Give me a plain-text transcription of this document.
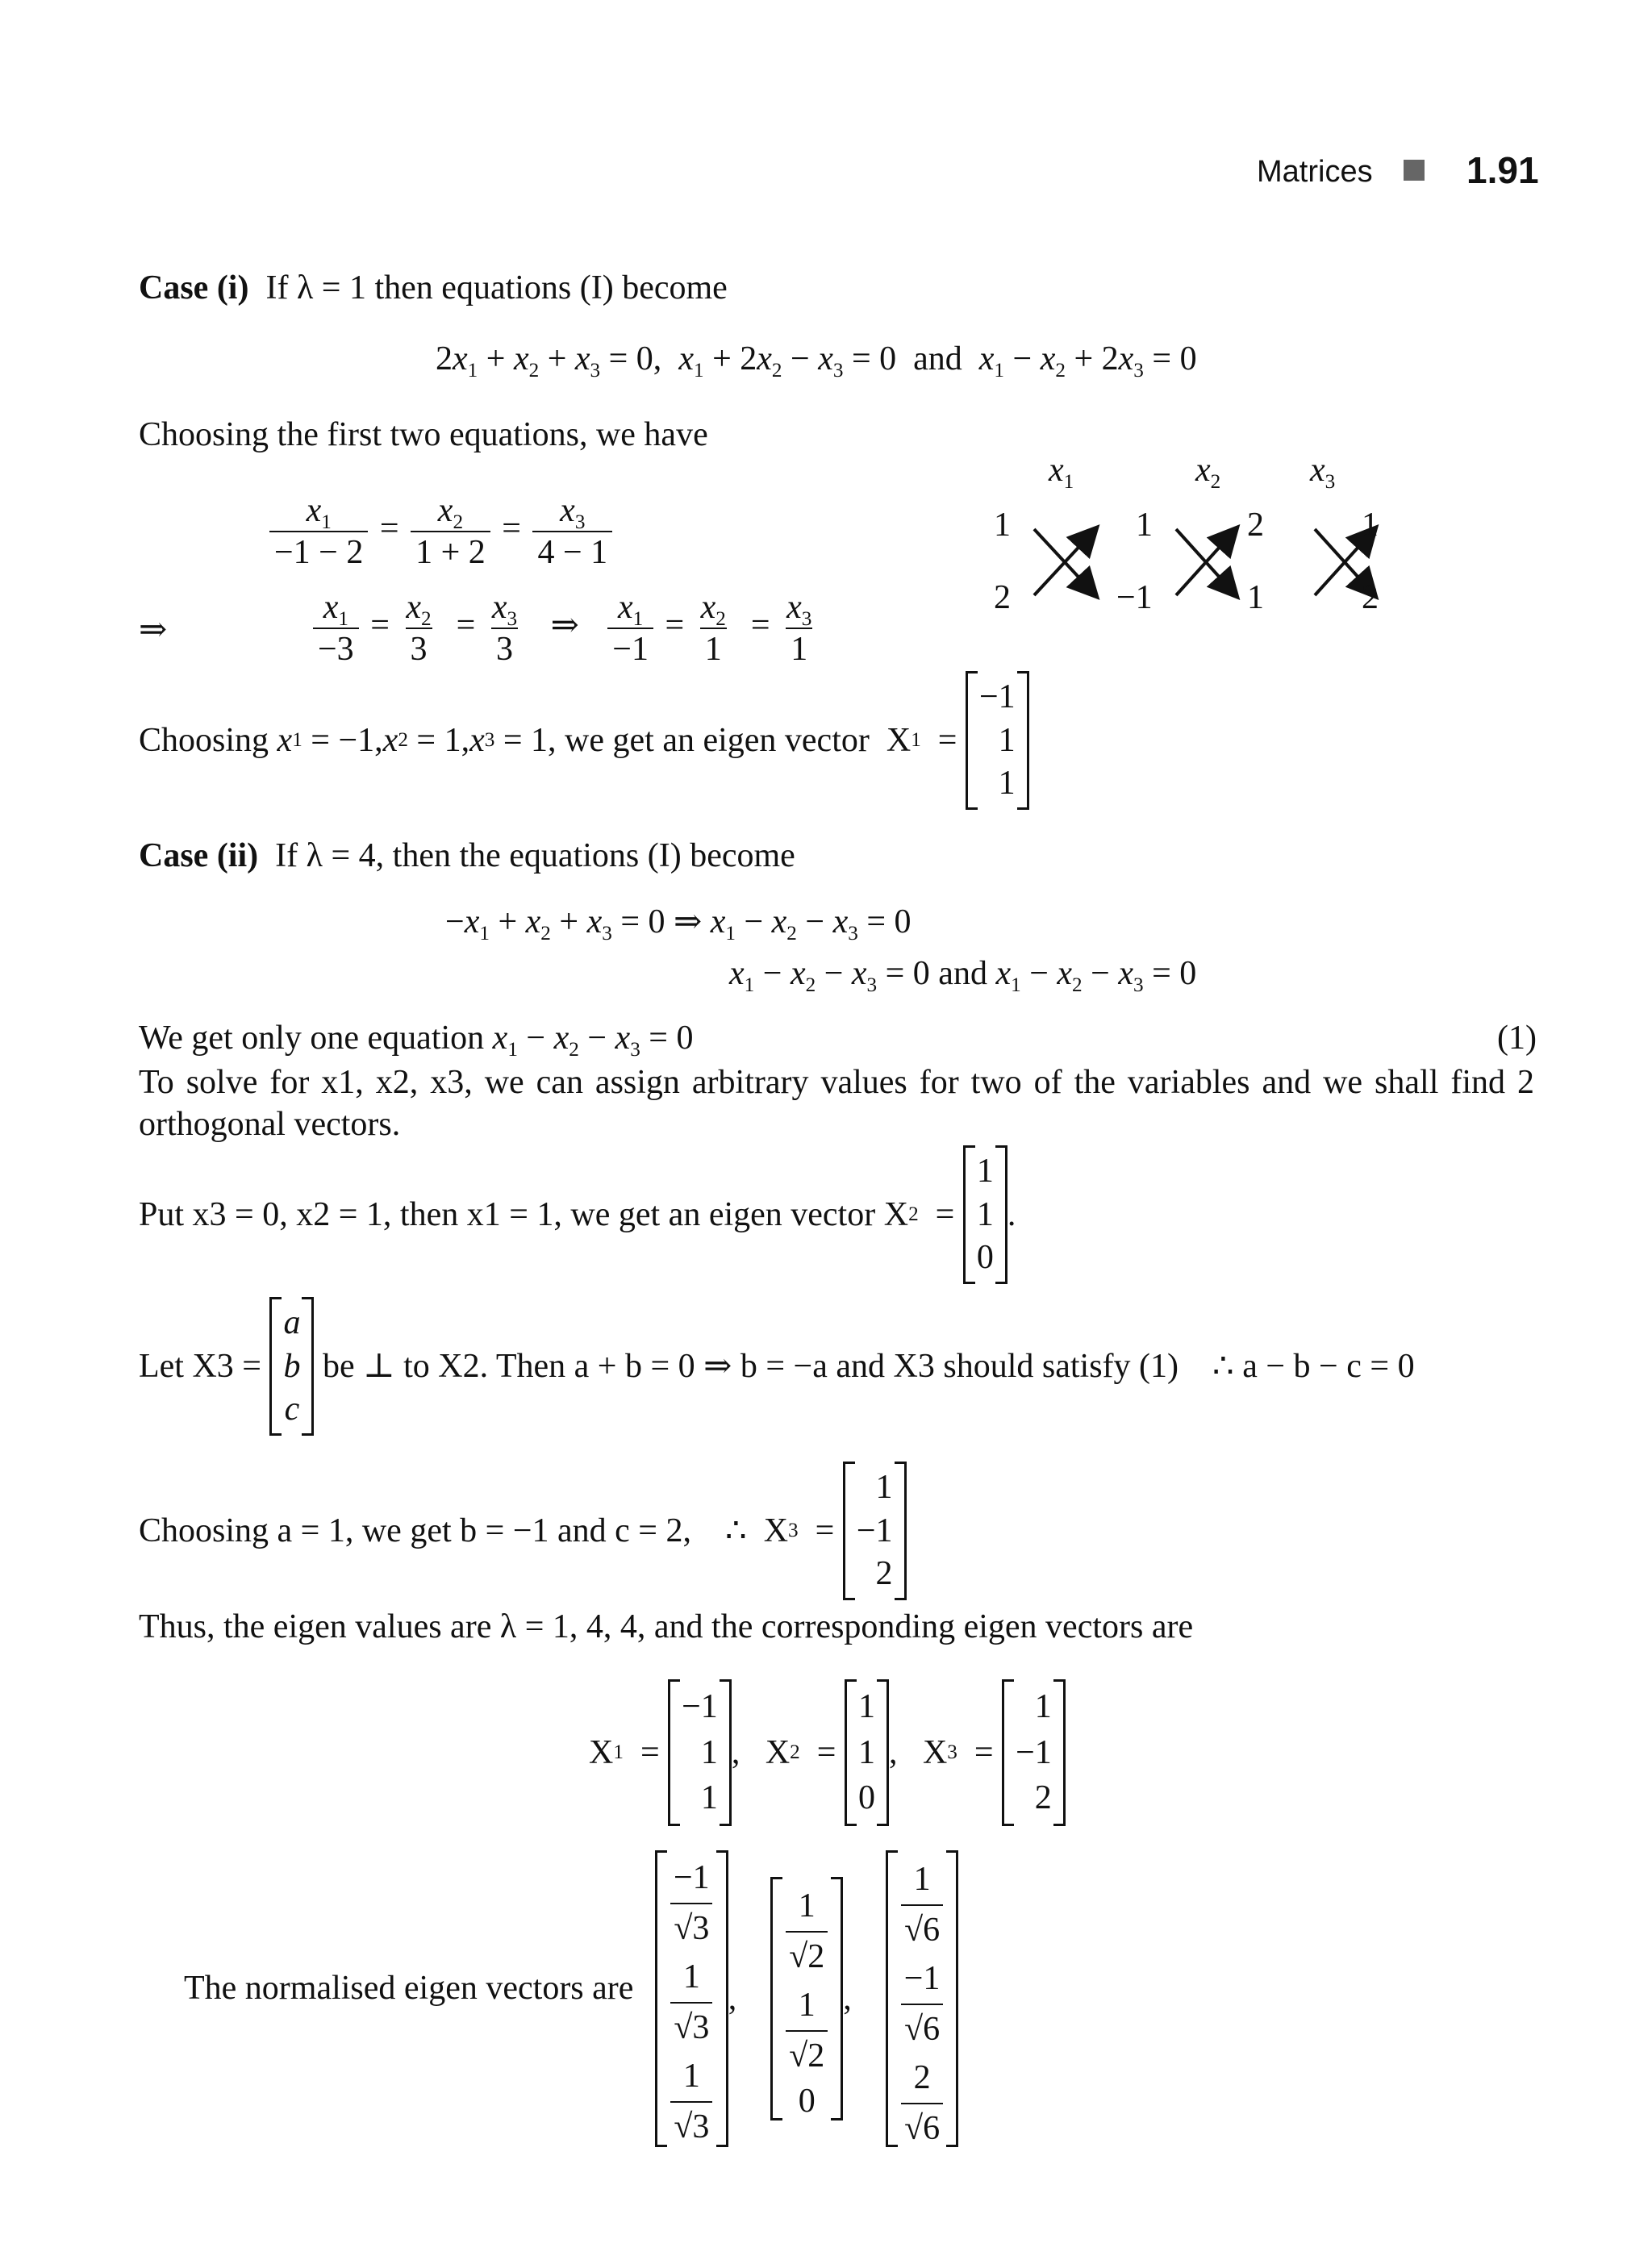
Matrices	1.91
Case (i) If λ = 1 then equations (I) become
$2x_1 + x_2 + x_3 = 0$,  $x_1 + 2x_2 - x_3 = 0$  and  $x_1 - x_2 + 2x_3 = 0$
Choosing the first two equations, we have
$\frac{x_1}{-1 - 2} = \frac{x_2}{1 + 2} = \frac{x_3}{4 - 1}$
⇒	$\frac{x_1}{-3} = \frac{x_2}{3} = \frac{x_3}{3}$ ⇒ $\frac{x_1}{-1} = \frac{x_2}{1} = \frac{x_3}{1}$
$x_1$	$x_2$	$x_3$
1	1	2	1
2	−1	1	2
Choosing
x 1 = −1, x 2 = 1, x 3 = 1 , we get an eigen vector X 1 =
−1
1
1
Case (ii) If λ = 4, then the equations (I) become
$-x_1 + x_2 + x_3 = 0$ ⇒ $x_1 - x_2 - x_3 = 0$
$x_1 - x_2 - x_3 = 0$ and $x_1 - x_2 - x_3 = 0$
We get only one equation $x_1 - x_2 - x_3 = 0$	(1)
To solve for x1, x2, x3, we can assign arbitrary values for two of the variables and we shall find 2 orthogonal vectors.
Put x3 = 0, x2 = 1, then x1 = 1, we get an eigen vector X 2 =
1
1
0
.
Let X3 =

a
b
c

be ⊥ to X2. Then a + b = 0 ⇒ b = −a and X3 should satisfy (1)
∴ a − b − c = 0
Choosing a = 1, we get b = −1 and c = 2, ∴  X 3 =
1
−1
2
Thus, the eigen values are λ = 1, 4, 4, and the corresponding eigen vectors are
X 1 =
−1
1
1
,   X 2 =
1
1
0
,   X 3 =
1
−1
2
The normalised eigen vectors are
$\frac{-1}{√3}$
$\frac{1}{√3}$
$\frac{1}{√3}$
,
$\frac{1}{√2}$
$\frac{1}{√2}$
0
,
$\frac{1}{√6}$
$\frac{-1}{√6}$
$\frac{2}{√6}$
